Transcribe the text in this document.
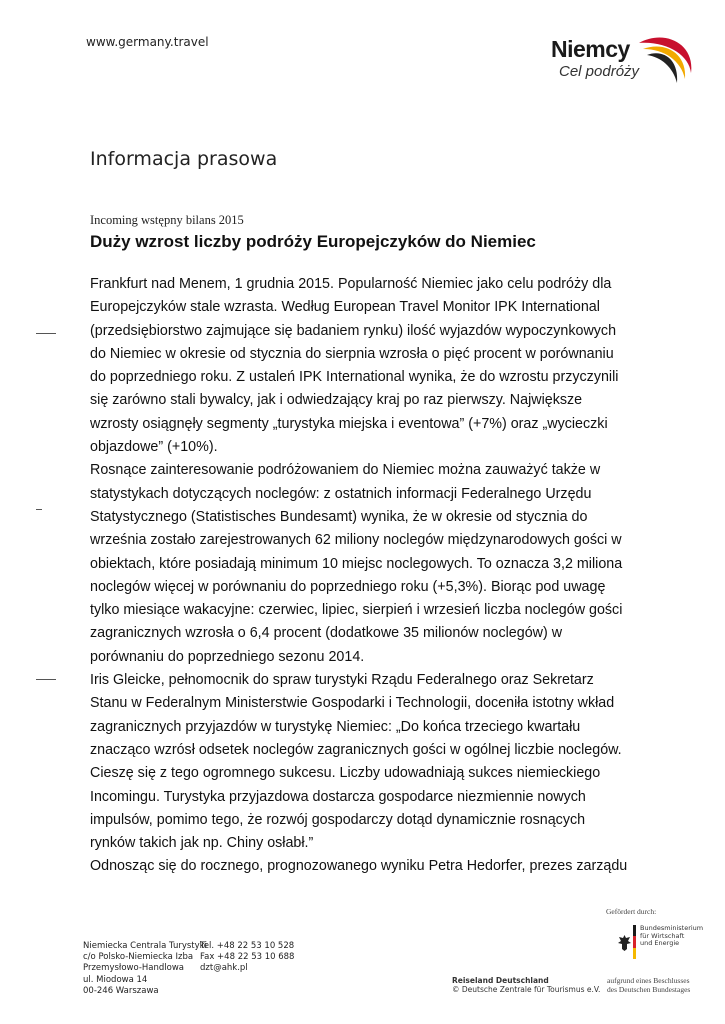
www.germany.travel	Niemcy
Cel podróży
Informacja prasowa
Incoming wstępny bilans 2015
Duży wzrost liczby podróży Europejczyków do Niemiec

Frankfurt nad Menem, 1 grudnia 2015. Popularność Niemiec jako celu podróży dla Europejczyków stale wzrasta. Według European Travel Monitor IPK International (przedsiębiorstwo zajmujące się badaniem rynku) ilość wyjazdów wypoczynkowych do Niemiec w okresie od stycznia do sierpnia wzrosła o pięć procent w porównaniu do poprzedniego roku. Z ustaleń IPK International wynika, że do wzrostu przyczynili się zarówno stali bywalcy, jak i odwiedzający kraj po raz pierwszy. Największe wzrosty osiągnęły segmenty „turystyka miejska i eventowa” (+7%) oraz „wycieczki objazdowe” (+10%).

Rosnące zainteresowanie podróżowaniem do Niemiec można zauważyć także w statystykach dotyczących noclegów: z ostatnich informacji Federalnego Urzędu Statystycznego (Statistisches Bundesamt) wynika, że w okresie od stycznia do września zostało zarejestrowanych 62 miliony noclegów międzynarodowych gości w obiektach, które posiadają minimum 10 miejsc noclegowych. To oznacza 3,2 miliona noclegów więcej w porównaniu do poprzedniego roku (+5,3%). Biorąc pod uwagę tylko miesiące wakacyjne: czerwiec, lipiec, sierpień i wrzesień liczba noclegów gości zagranicznych wzrosła o 6,4 procent (dodatkowe 35 milionów noclegów) w porównaniu do poprzedniego sezonu 2014.

Iris Gleicke, pełnomocnik do spraw turystyki Rządu Federalnego oraz Sekretarz Stanu w Federalnym Ministerstwie Gospodarki i Technologii, doceniła istotny wkład zagranicznych przyjazdów w turystykę Niemiec: „Do końca trzeciego kwartału znacząco wzrósł odsetek noclegów zagranicznych gości w ogólnej liczbie noclegów. Cieszę się z tego ogromnego sukcesu. Liczby udowadniają sukces niemieckiego Incomingu. Turystyka przyjazdowa dostarcza gospodarce niezmiennie nowych impulsów, pomimo tego, że rozwój gospodarczy dotąd dynamicznie rosnących rynków takich jak np. Chiny osłabł.”

Odnosząc się do rocznego, prognozowanego wyniku Petra Hedorfer, prezes zarządu

Niemiecka Centrala Turystyki
c/o Polsko-Niemiecka Izba
Przemysłowo-Handlowa
ul. Miodowa 14
00-246 Warszawa
Tel. +48 22 53 10 528
Fax +48 22 53 10 688
dzt@ahk.pl
Reiseland Deutschland
© Deutsche Zentrale für Tourismus e.V.
Gefördert durch:
Bundesministerium
für Wirtschaft
und Energie
aufgrund eines Beschlusses
des Deutschen Bundestages
